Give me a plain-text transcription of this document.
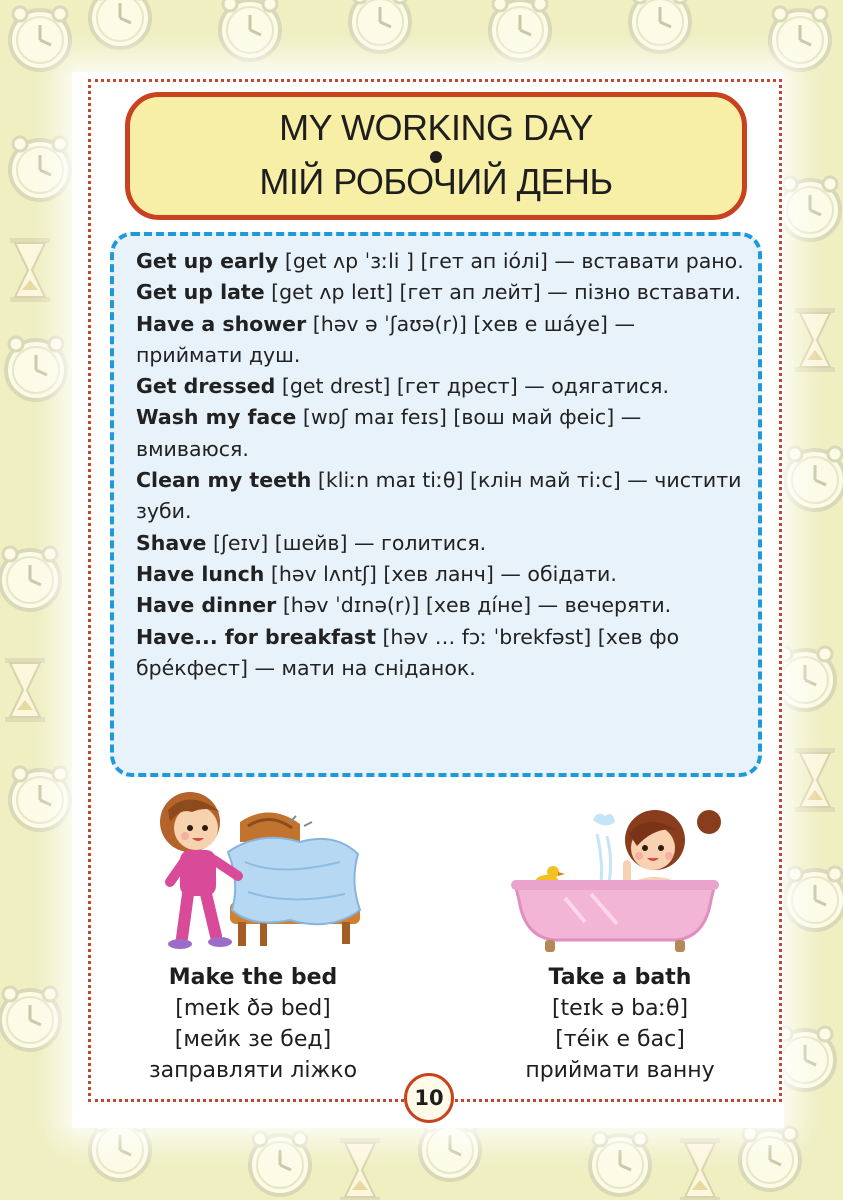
MY WORKING DAY
МІЙ РОБОЧИЙ ДЕНЬ
Get up early [get ʌp ˈɜːli ] [гет ап іóлі] — вставати рано.
Get up late [get ʌp leɪt] [гет ап лейт] — пізно вставати.
Have a shower [həv ə ˈʃaʊə(r)] [хев е шáуе] — приймати душ.
Get dressed [get drest] [гет дрест] — одягатися.
Wash my face [wɒʃ maɪ feɪs] [вош май феіс] — вмиваюся.
Clean my teeth [kliːn maɪ tiːθ] [клін май ті:с] — чистити зуби.
Shave [ʃeɪv] [шейв] — голитися.
Have lunch [həv lʌntʃ] [хев ланч] — обідати.
Have dinner [həv ˈdɪnə(r)] [хев дíне] — вечеряти.
Have... for breakfast [həv … fɔː ˈbrekfəst] [хев фо брéкфест] — мати на сніданок.
Make the bed
[meɪk ðə bed]
[мейк зе бед]
заправляти ліжко
Take a bath
[teɪk ə baːθ]
[тéік е бас]
приймати ванну
10
